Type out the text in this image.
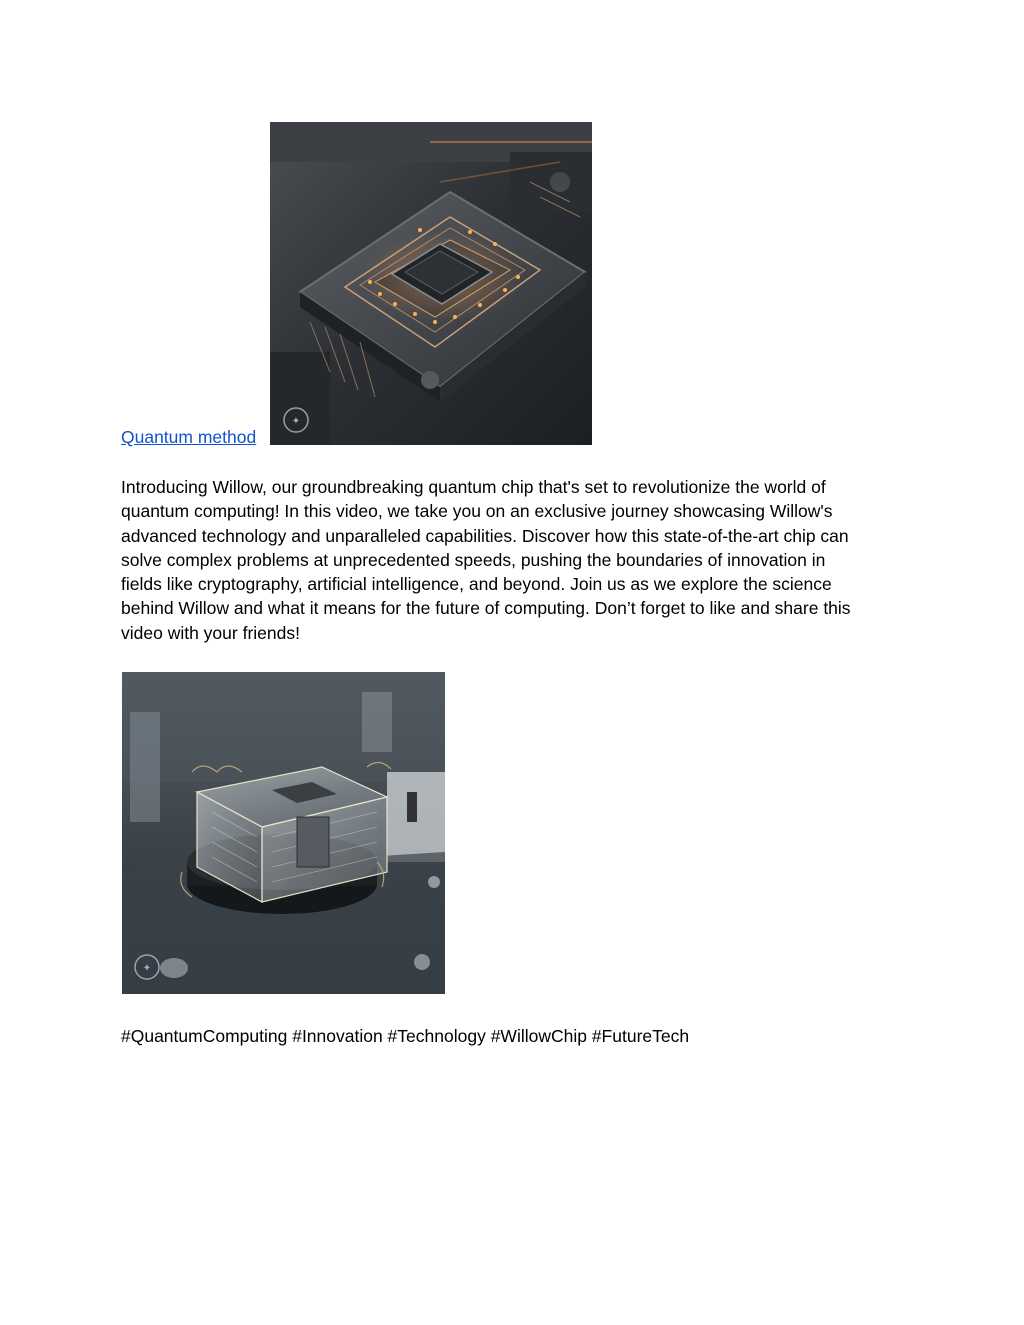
Quantum method
✦

Introducing Willow, our groundbreaking quantum chip that's set to revolutionize the world of
quantum computing! In this video, we take you on an exclusive journey showcasing Willow's
advanced technology and unparalleled capabilities. Discover how this state-of-the-art chip can
solve complex problems at unprecedented speeds, pushing the boundaries of innovation in
fields like cryptography, artificial intelligence, and beyond. Join us as we explore the science
behind Willow and what it means for the future of computing. Don’t forget to like and share this
video with your friends!

✦

#QuantumComputing #Innovation #Technology #WillowChip #FutureTech
